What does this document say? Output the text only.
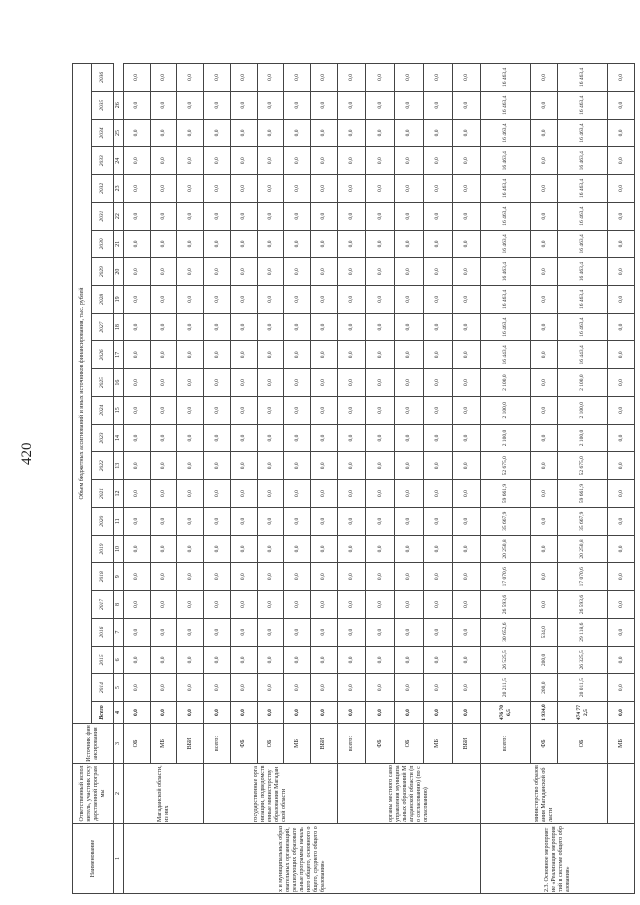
420
Наименование	Ответственный исполнитель, участник государственной программы	Источник финансирования	Объем бюджетных ассигнований и иных источников финансирования, тыс. рублей																							
			Всего	2014	2015	2016	2017	2018	2019	2020	2021	2022	2023	2024	2025	2026	2027	2028	2029	2030	2031	2032	2033	2034	2035	2036
1	2	3	4	5	6	7	8	9	10	11	12	13	14	15	16	17	18	19	20	21	22	23	24	25	26	
х и муниципальных образовательных организаций, реализующих образовательные программы начального общего, основного общего, среднего общего образования»	Магаданской области, из них	ОБ	0,0	0,0	0,0	0,0	0,0	0,0	0,0	0,0	0,0	0,0	0,0	0,0	0,0	0,0	0,0	0,0	0,0	0,0	0,0	0,0	0,0	0,0	0,0	0,0
		МБ	0,0	0,0	0,0	0,0	0,0	0,0	0,0	0,0	0,0	0,0	0,0	0,0	0,0	0,0	0,0	0,0	0,0	0,0	0,0	0,0	0,0	0,0	0,0	0,0
		ВБИ	0,0	0,0	0,0	0,0	0,0	0,0	0,0	0,0	0,0	0,0	0,0	0,0	0,0	0,0	0,0	0,0	0,0	0,0	0,0	0,0	0,0	0,0	0,0	0,0
	государственные организации, подведомственные министерству образования Магаданской области	всего:	0,0	0,0	0,0	0,0	0,0	0,0	0,0	0,0	0,0	0,0	0,0	0,0	0,0	0,0	0,0	0,0	0,0	0,0	0,0	0,0	0,0	0,0	0,0	0,0
		ФБ	0,0	0,0	0,0	0,0	0,0	0,0	0,0	0,0	0,0	0,0	0,0	0,0	0,0	0,0	0,0	0,0	0,0	0,0	0,0	0,0	0,0	0,0	0,0	0,0
		ОБ	0,0	0,0	0,0	0,0	0,0	0,0	0,0	0,0	0,0	0,0	0,0	0,0	0,0	0,0	0,0	0,0	0,0	0,0	0,0	0,0	0,0	0,0	0,0	0,0
		МБ	0,0	0,0	0,0	0,0	0,0	0,0	0,0	0,0	0,0	0,0	0,0	0,0	0,0	0,0	0,0	0,0	0,0	0,0	0,0	0,0	0,0	0,0	0,0	0,0
		ВБИ	0,0	0,0	0,0	0,0	0,0	0,0	0,0	0,0	0,0	0,0	0,0	0,0	0,0	0,0	0,0	0,0	0,0	0,0	0,0	0,0	0,0	0,0	0,0	0,0
	органы местного самоуправления муниципальных образований Магаданской области (по согласованию) (по согласованию)	всего:	0,0	0,0	0,0	0,0	0,0	0,0	0,0	0,0	0,0	0,0	0,0	0,0	0,0	0,0	0,0	0,0	0,0	0,0	0,0	0,0	0,0	0,0	0,0	0,0
		ФБ	0,0	0,0	0,0	0,0	0,0	0,0	0,0	0,0	0,0	0,0	0,0	0,0	0,0	0,0	0,0	0,0	0,0	0,0	0,0	0,0	0,0	0,0	0,0	0,0
		ОБ	0,0	0,0	0,0	0,0	0,0	0,0	0,0	0,0	0,0	0,0	0,0	0,0	0,0	0,0	0,0	0,0	0,0	0,0	0,0	0,0	0,0	0,0	0,0	0,0
		МБ	0,0	0,0	0,0	0,0	0,0	0,0	0,0	0,0	0,0	0,0	0,0	0,0	0,0	0,0	0,0	0,0	0,0	0,0	0,0	0,0	0,0	0,0	0,0	0,0
		ВБИ	0,0	0,0	0,0	0,0	0,0	0,0	0,0	0,0	0,0	0,0	0,0	0,0	0,0	0,0	0,0	0,0	0,0	0,0	0,0	0,0	0,0	0,0	0,0	0,0
2.3. Основное мероприятие «Реализация мероприятий в системе общего образования»	министерство образования Магаданской области	всего:	476 706,5	20 211,5	26 525,5	30 652,6	26 593,6	17 070,6	20 250,8	35 667,9	59 661,9	52 675,0	2 100,0	2 100,0	2 100,0	16 443,4	16 463,4	16 463,4	16 463,4	16 463,4	16 463,4	16 463,4	16 463,4	16 463,4	16 463,4	16 463,4
		ФБ	1 934,0	200,0	200,0	534,0	0,0	0,0	0,0	0,0	0,0	0,0	0,0	0,0	0,0	0,0	0,0	0,0	0,0	0,0	0,0	0,0	0,0	0,0	0,0	0,0
		ОБ	474 772,5	20 011,5	26 325,5	29 118,6	26 593,6	17 070,6	20 250,8	35 667,9	59 661,9	52 675,0	2 100,0	2 100,0	2 100,0	16 443,4	16 463,4	16 463,4	16 463,4	16 463,4	16 463,4	16 463,4	16 463,4	16 463,4	16 463,4	16 463,4
		МБ	0,0	0,0	0,0	0,0	0,0	0,0	0,0	0,0	0,0	0,0	0,0	0,0	0,0	0,0	0,0	0,0	0,0	0,0	0,0	0,0	0,0	0,0	0,0	0,0
